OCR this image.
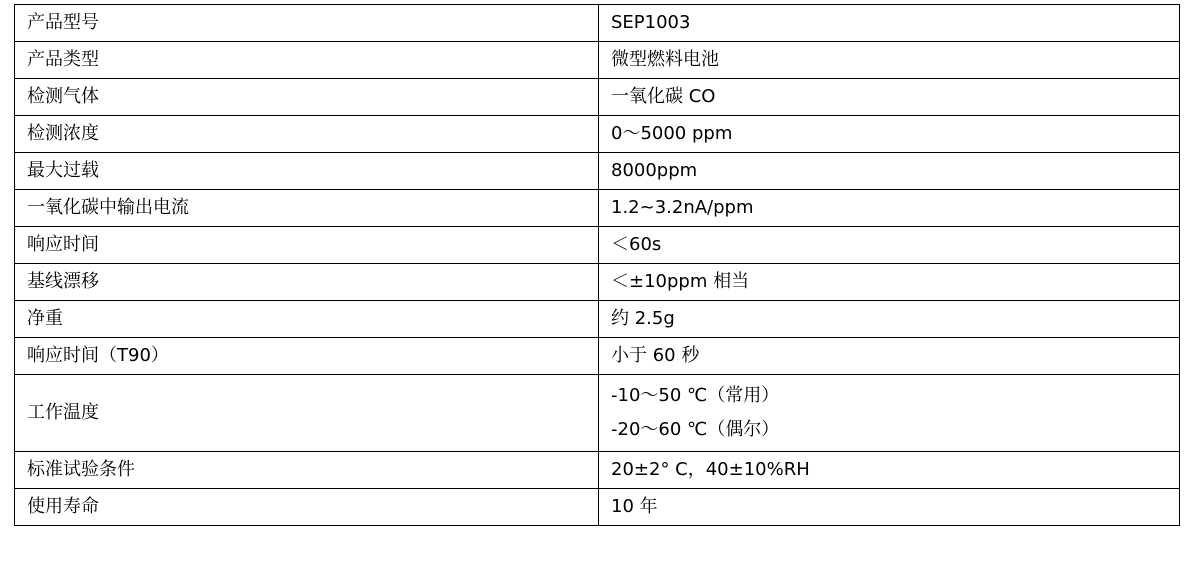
产品型号	SEP1003
产品类型	微型燃料电池
检测气体	一氧化碳 CO
检测浓度	0～5000 ppm
最大过载	8000ppm
一氧化碳中输出电流	1.2~3.2nA/ppm
响应时间	＜60s
基线漂移	＜±10ppm 相当
净重	约 2.5g
响应时间（T90）	小于 60 秒
工作温度	-10～50 ℃（常用）
-20～60 ℃（偶尔）

标准试验条件	20±2° C，40±10%RH
使用寿命	10 年
